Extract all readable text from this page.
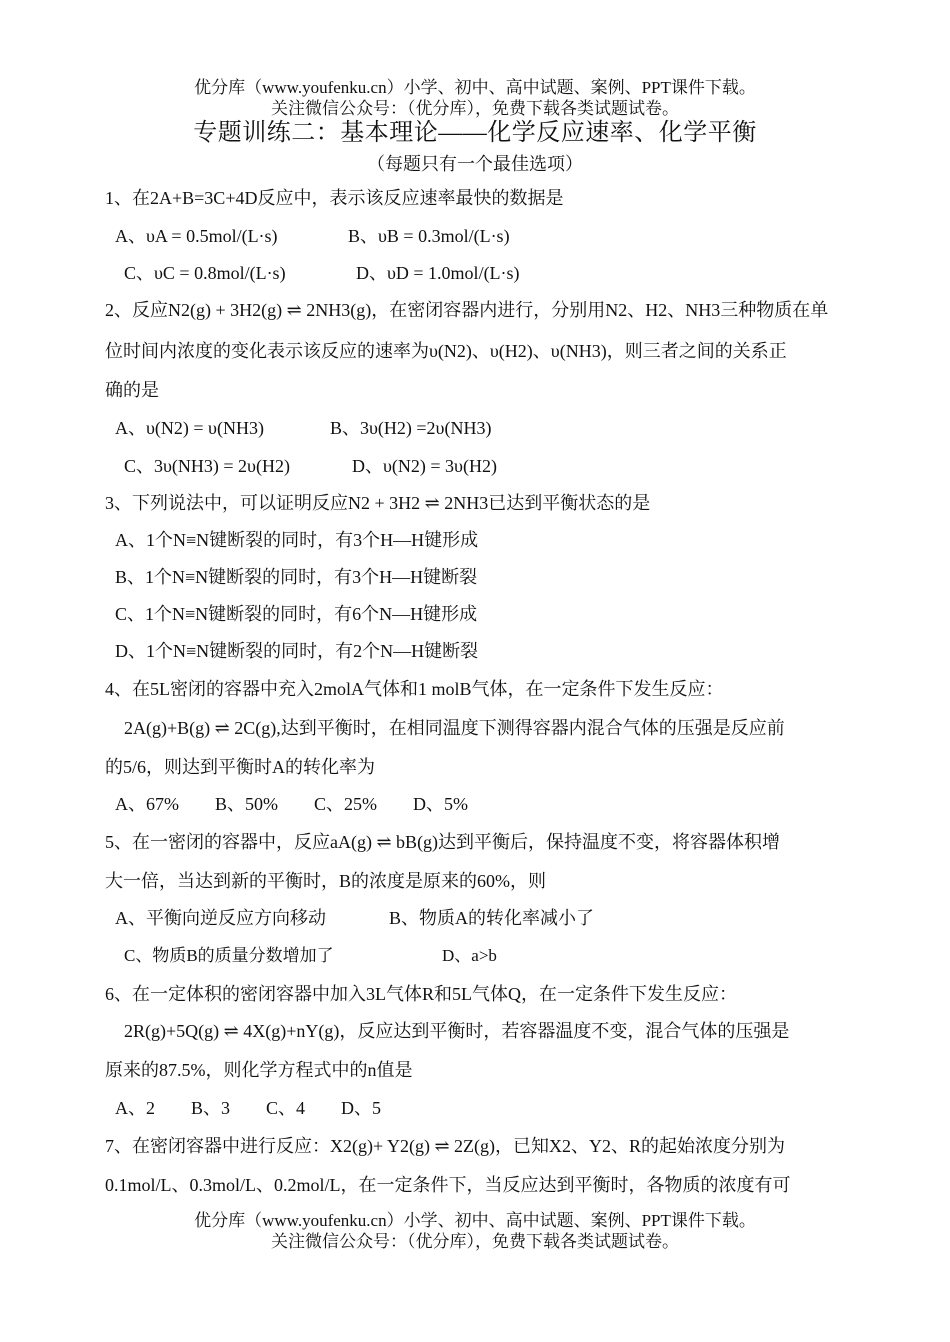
优分库（www.youfenku.cn）小学、初中、高中试题、案例、PPT课件下载。
关注微信公众号：（优分库），免费下载各类试题试卷。
专题训练二：基本理论——化学反应速率、化学平衡
（每题只有一个最佳选项）
1、在2A+B=3C+4D反应中，表示该反应速率最快的数据是
A、υA = 0.5mol/(L·s)	B、υB = 0.3mol/(L·s)
C、υC = 0.8mol/(L·s)	D、υD = 1.0mol/(L·s)
2、反应N2(g) + 3H2(g) ⇌ 2NH3(g)，在密闭容器内进行，分别用N2、H2、NH3三种物质在单
位时间内浓度的变化表示该反应的速率为υ(N2)、υ(H2)、υ(NH3)，则三者之间的关系正
确的是
A、υ(N2) = υ(NH3)	B、3υ(H2) =2υ(NH3)
C、3υ(NH3) = 2υ(H2)	D、υ(N2) = 3υ(H2)
3、下列说法中，可以证明反应N2 + 3H2 ⇌ 2NH3已达到平衡状态的是
A、1个N≡N键断裂的同时，有3个H—H键形成
B、1个N≡N键断裂的同时，有3个H—H键断裂
C、1个N≡N键断裂的同时，有6个N—H键形成
D、1个N≡N键断裂的同时，有2个N—H键断裂
4、在5L密闭的容器中充入2molA气体和1 molB气体，在一定条件下发生反应：
2A(g)+B(g) ⇌ 2C(g),达到平衡时，在相同温度下测得容器内混合气体的压强是反应前
的5/6，则达到平衡时A的转化率为
A、67%　　B、50%　　C、25%　　D、5%
5、在一密闭的容器中，反应aA(g) ⇌ bB(g)达到平衡后，保持温度不变，将容器体积增
大一倍，当达到新的平衡时，B的浓度是原来的60%，则
A、平衡向逆反应方向移动	B、物质A的转化率减小了
C、物质B的质量分数增加了	D、a>b
6、在一定体积的密闭容器中加入3L气体R和5L气体Q，在一定条件下发生反应：
2R(g)+5Q(g) ⇌ 4X(g)+nY(g)，反应达到平衡时，若容器温度不变，混合气体的压强是
原来的87.5%，则化学方程式中的n值是
A、2　　B、3　　C、4　　D、5
7、在密闭容器中进行反应：X2(g)+ Y2(g) ⇌ 2Z(g)，已知X2、Y2、R的起始浓度分别为
0.1mol/L、0.3mol/L、0.2mol/L，在一定条件下，当反应达到平衡时，各物质的浓度有可
优分库（www.youfenku.cn）小学、初中、高中试题、案例、PPT课件下载。
关注微信公众号：（优分库），免费下载各类试题试卷。
